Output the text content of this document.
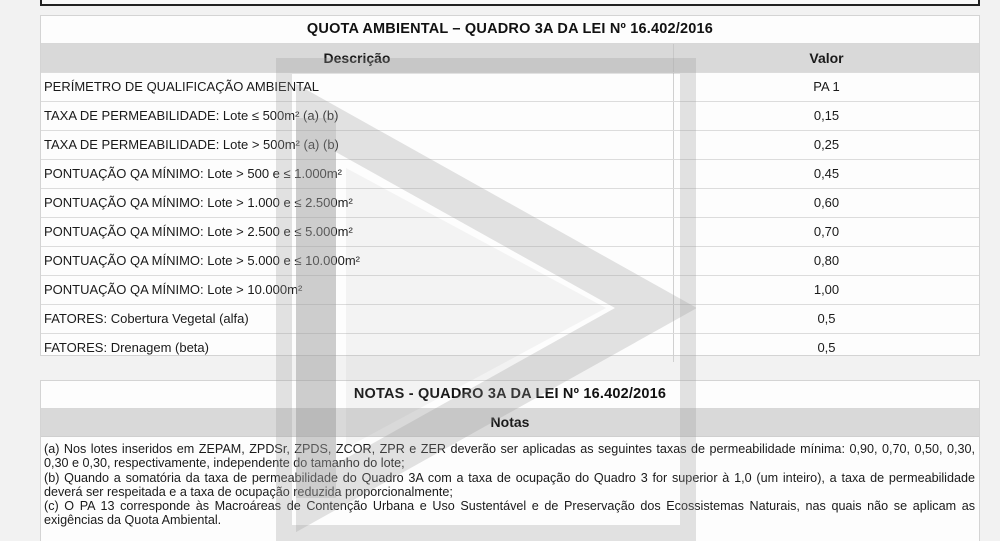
QUOTA AMBIENTAL – QUADRO 3A DA LEI Nº 16.402/2016
Descrição	Valor
PERÍMETRO DE QUALIFICAÇÃO AMBIENTAL	PA 1
TAXA DE PERMEABILIDADE: Lote ≤ 500m² (a) (b)	0,15
TAXA DE PERMEABILIDADE: Lote > 500m² (a) (b)	0,25
PONTUAÇÃO QA MÍNIMO: Lote > 500 e ≤ 1.000m²	0,45
PONTUAÇÃO QA MÍNIMO: Lote > 1.000 e ≤ 2.500m²	0,60
PONTUAÇÃO QA MÍNIMO: Lote > 2.500 e ≤ 5.000m²	0,70
PONTUAÇÃO QA MÍNIMO: Lote > 5.000 e ≤ 10.000m²	0,80
PONTUAÇÃO QA MÍNIMO: Lote > 10.000m²	1,00
FATORES: Cobertura Vegetal (alfa)	0,5
FATORES: Drenagem (beta)	0,5
NOTAS - QUADRO 3A DA LEI Nº 16.402/2016
Notas

(a) Nos lotes inseridos em ZEPAM, ZPDSr, ZPDS, ZCOR, ZPR e ZER deverão ser aplicadas as seguintes taxas de permeabilidade mínima: 0,90, 0,70, 0,50, 0,30, 0,30 e 0,30, respectivamente, independente do tamanho do lote;

(b) Quando a somatória da taxa de permeabilidade do Quadro 3A com a taxa de ocupação do Quadro 3 for superior à 1,0 (um inteiro), a taxa de permeabilidade deverá ser respeitada e a taxa de ocupação reduzida proporcionalmente;

(c) O PA 13 corresponde às Macroáreas de Contenção Urbana e Uso Sustentável e de Preservação dos Ecossistemas Naturais, nas quais não se aplicam as exigências da Quota Ambiental.
